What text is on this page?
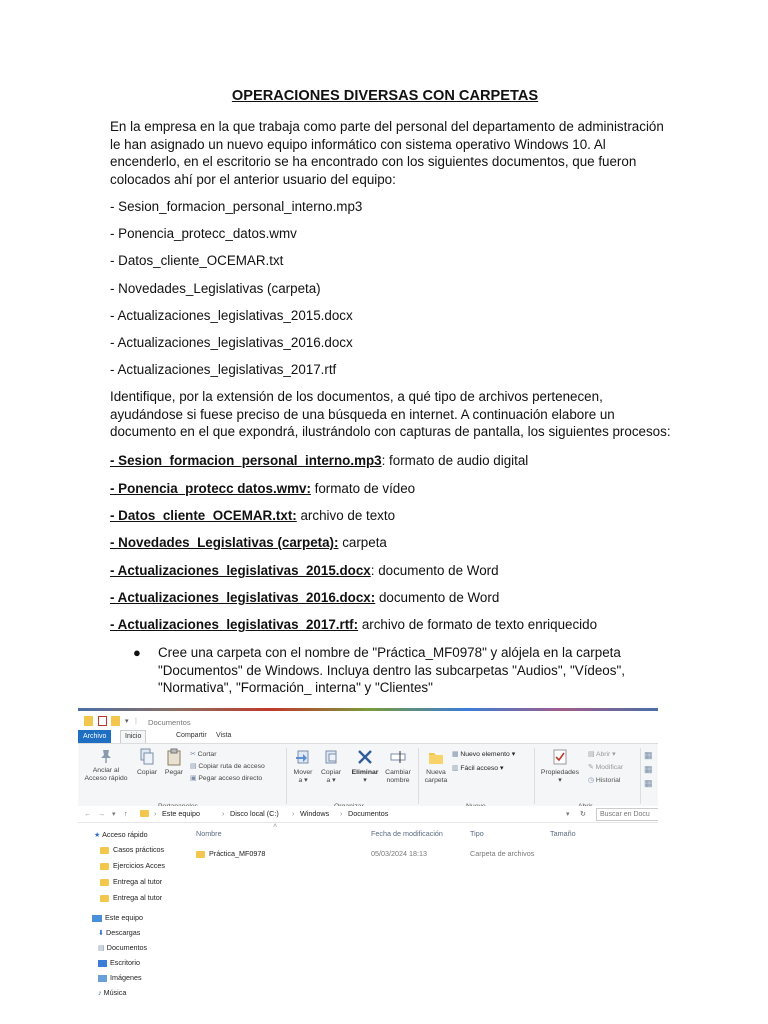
OPERACIONES DIVERSAS CON CARPETAS
En la empresa en la que trabaja como parte del personal del departamento de administración
le han asignado un nuevo equipo informático con sistema operativo Windows 10. Al
encenderlo, en el escritorio se ha encontrado con los siguientes documentos, que fueron
colocados ahí por el anterior usuario del equipo:
- Sesion_formacion_personal_interno.mp3
- Ponencia_protecc_datos.wmv
- Datos_cliente_OCEMAR.txt
- Novedades_Legislativas (carpeta)
- Actualizaciones_legislativas_2015.docx
- Actualizaciones_legislativas_2016.docx
- Actualizaciones_legislativas_2017.rtf
Identifique, por la extensión de los documentos, a qué tipo de archivos pertenecen,
ayudándose si fuese preciso de una búsqueda en internet. A continuación elabore un
documento en el que expondrá, ilustrándolo con capturas de pantalla, los siguientes procesos:
- Sesion_formacion_personal_interno.mp3: formato de audio digital
- Ponencia_protecc datos.wmv: formato de vídeo
- Datos_cliente_OCEMAR.txt: archivo de texto
- Novedades_Legislativas (carpeta): carpeta
- Actualizaciones_legislativas_2015.docx: documento de Word
- Actualizaciones_legislativas_2016.docx: documento de Word
- Actualizaciones_legislativas_2017.rtf: archivo de formato de texto enriquecido
● Cree una carpeta con el nombre de "Práctica_MF0978" y alójela en la carpeta
"Documentos" de Windows. Incluya dentro las subcarpetas "Audios", "Vídeos",
"Normativa", "Formación_ interna" y "Clientes"
▾ | Documentos
Archivo	Inicio	Compartir	Vista
Anclar al
Acceso rápido
Copiar	Pegar
✂ Cortar
▤ Copiar ruta de acceso
▣ Pegar acceso directo
Mover
a ▾
Copiar
a ▾
Eliminar
▾
Cambiar
nombre
Nueva
carpeta
▦ Nuevo elemento ▾
▥ Fácil acceso ▾
Propiedades
▾
▤ Abrir ▾
✎ Modificar
◷ Historial
▦
▦
▦
← → ▾ ↑	› Este equipo	› Disco local (C:) › Windows › Documentos	▾ ↻	Buscar en Docu
★ Acceso rápido
Casos prácticos
Ejercicios Acces
Entrega al tutor
Entrega al tutor
Este equipo
⬇ Descargas
▤ Documentos
Escritorio
Imágenes
♪ Música
Nombre
˄
Fecha de modificación	Tipo	Tamaño
Práctica_MF0978	05/03/2024 18:13	Carpeta de archivos
